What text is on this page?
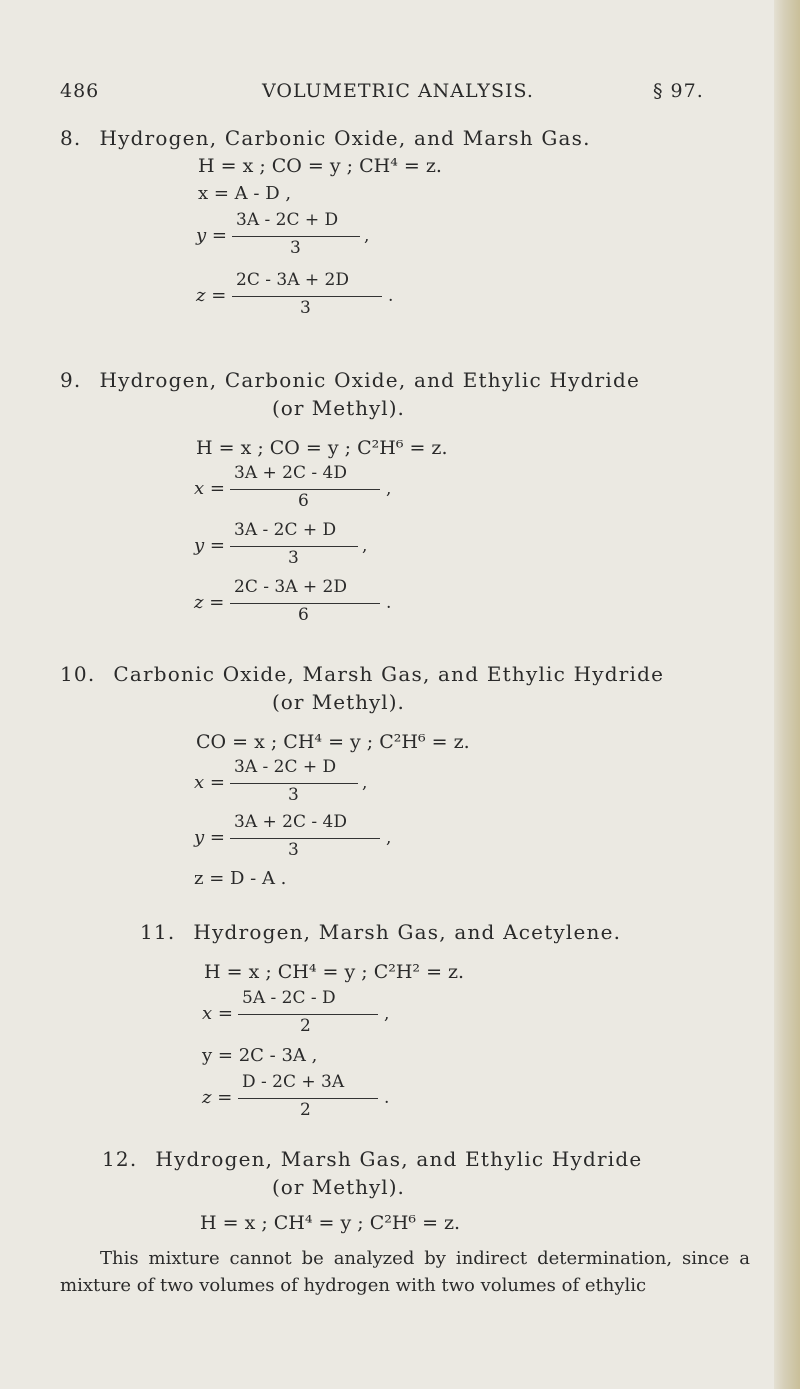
486	VOLUMETRIC ANALYSIS.	§ 97.
8. Hydrogen, Carbonic Oxide, and Marsh Gas.
H = x ; CO = y ; CH⁴ = z.
x = A - D ,
y =
3A - 2C + D
3
,
z =
2C - 3A + 2D
3
.
9. Hydrogen, Carbonic Oxide, and Ethylic Hydride
(or Methyl).
H = x ; CO = y ; C²H⁶ = z.
x =
3A + 2C - 4D
6
,
y =
3A - 2C + D
3
,
z =
2C - 3A + 2D
6
.
10. Carbonic Oxide, Marsh Gas, and Ethylic Hydride
(or Methyl).
CO = x ; CH⁴ = y ; C²H⁶ = z.
x =
3A - 2C + D
3
,
y =
3A + 2C - 4D
3
,
z = D - A .
11. Hydrogen, Marsh Gas, and Acetylene.
H = x ; CH⁴ = y ; C²H² = z.
x =
5A - 2C - D
2
,
y = 2C - 3A ,
z =
D - 2C + 3A
2
.
12. Hydrogen, Marsh Gas, and Ethylic Hydride
(or Methyl).
H = x ; CH⁴ = y ; C²H⁶ = z.
This mixture cannot be analyzed by indirect determination, since a mixture of two volumes of hydrogen with two volumes of ethylic
